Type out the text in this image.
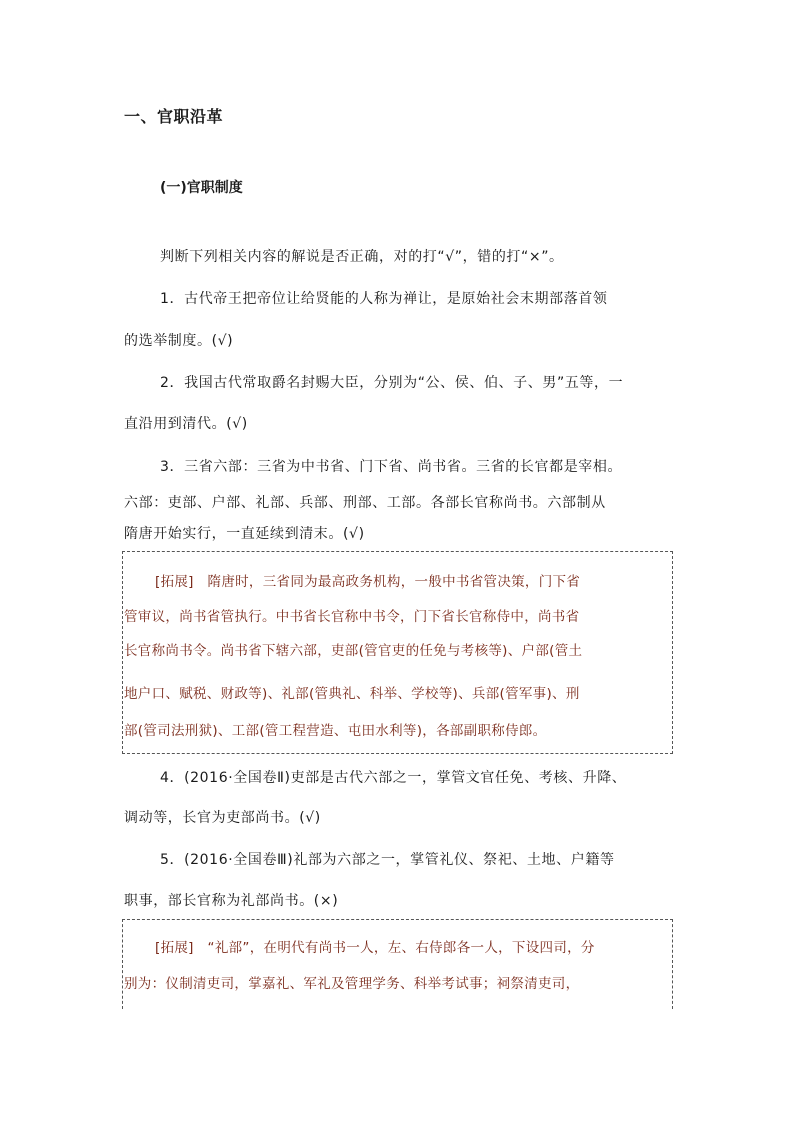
一、官职沿革
(一)官职制度
判断下列相关内容的解说是否正确，对的打“√”，错的打“×”。
1．古代帝王把帝位让给贤能的人称为禅让，是原始社会末期部落首领
的选举制度。(√)
2．我国古代常取爵名封赐大臣，分别为“公、侯、伯、子、男”五等，一
直沿用到清代。(√)
3．三省六部：三省为中书省、门下省、尚书省。三省的长官都是宰相。
六部：吏部、户部、礼部、兵部、刑部、工部。各部长官称尚书。六部制从
隋唐开始实行，一直延续到清末。(√)
[拓展]　隋唐时，三省同为最高政务机构，一般中书省管决策，门下省
管审议，尚书省管执行。中书省长官称中书令，门下省长官称侍中，尚书省
长官称尚书令。尚书省下辖六部，吏部(管官吏的任免与考核等)、户部(管土
地户口、赋税、财政等)、礼部(管典礼、科举、学校等)、兵部(管军事)、刑
部(管司法刑狱)、工部(管工程营造、屯田水利等)，各部副职称侍郎。
4．(2016·全国卷Ⅱ)吏部是古代六部之一，掌管文官任免、考核、升降、
调动等，长官为吏部尚书。(√)
5．(2016·全国卷Ⅲ)礼部为六部之一，掌管礼仪、祭祀、土地、户籍等
职事，部长官称为礼部尚书。(×)
[拓展]　“礼部”，在明代有尚书一人，左、右侍郎各一人，下设四司，分
别为：仪制清吏司，掌嘉礼、军礼及管理学务、科举考试事；祠祭清吏司，
